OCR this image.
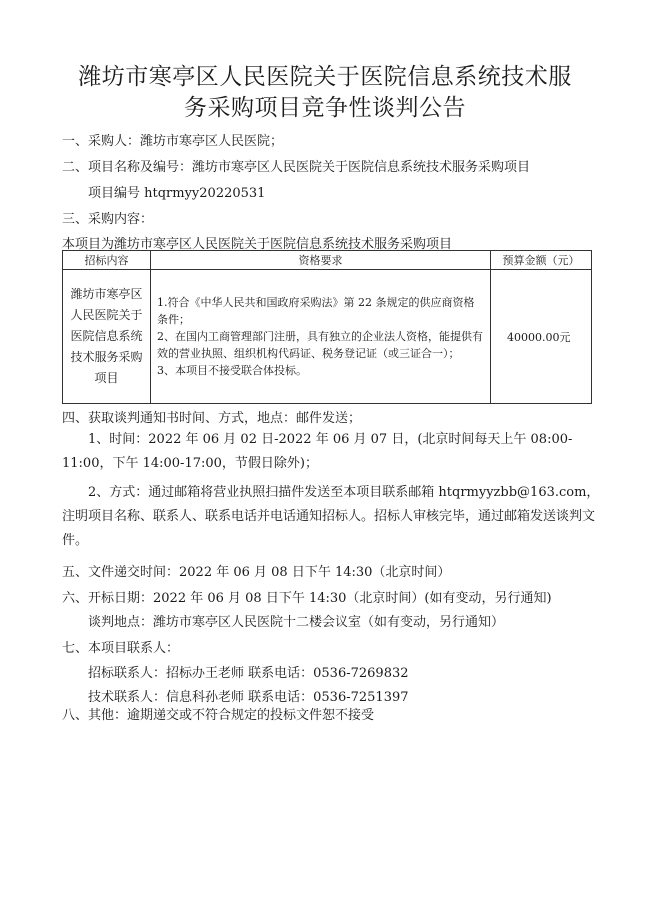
潍坊市寒亭区人民医院关于医院信息系统技术服
务采购项目竞争性谈判公告
一、采购人：潍坊市寒亭区人民医院；
二、项目名称及编号：潍坊市寒亭区人民医院关于医院信息系统技术服务采购项目
项目编号 htqrmyy20220531
三、采购内容：
本项目为潍坊市寒亭区人民医院关于医院信息系统技术服务采购项目
招标内容	资格要求	预算金额（元）
潍坊市寒亭区人民医院关于医院信息系统技术服务采购项目	1.符合《中华人民共和国政府采购法》第 22 条规定的供应商资格条件；

2、在国内工商管理部门注册，具有独立的企业法人资格，能提供有效的营业执照、组织机构代码证、税务登记证（或三证合一）；

3、本项目不接受联合体投标。	40000.00元
四、获取谈判通知书时间、方式，地点：邮件发送；
1、时间：2022 年 06 月 02 日-2022 年 06 月 07 日，(北京时间每天上午 08:00-11:00，下午 14:00-17:00，节假日除外)；
2、方式：通过邮箱将营业执照扫描件发送至本项目联系邮箱 htqrmyyzbb@163.com，注明项目名称、联系人、联系电话并电话通知招标人。招标人审核完毕，通过邮箱发送谈判文件。
五、文件递交时间：2022 年 06 月 08 日下午 14:30（北京时间）
六、开标日期：2022 年 06 月 08 日下午 14:30（北京时间）(如有变动，另行通知)
谈判地点：潍坊市寒亭区人民医院十二楼会议室（如有变动，另行通知）
七、本项目联系人：
招标联系人：招标办王老师 联系电话：0536-7269832
技术联系人：信息科孙老师 联系电话：0536-7251397
八、其他：逾期递交或不符合规定的投标文件恕不接受
